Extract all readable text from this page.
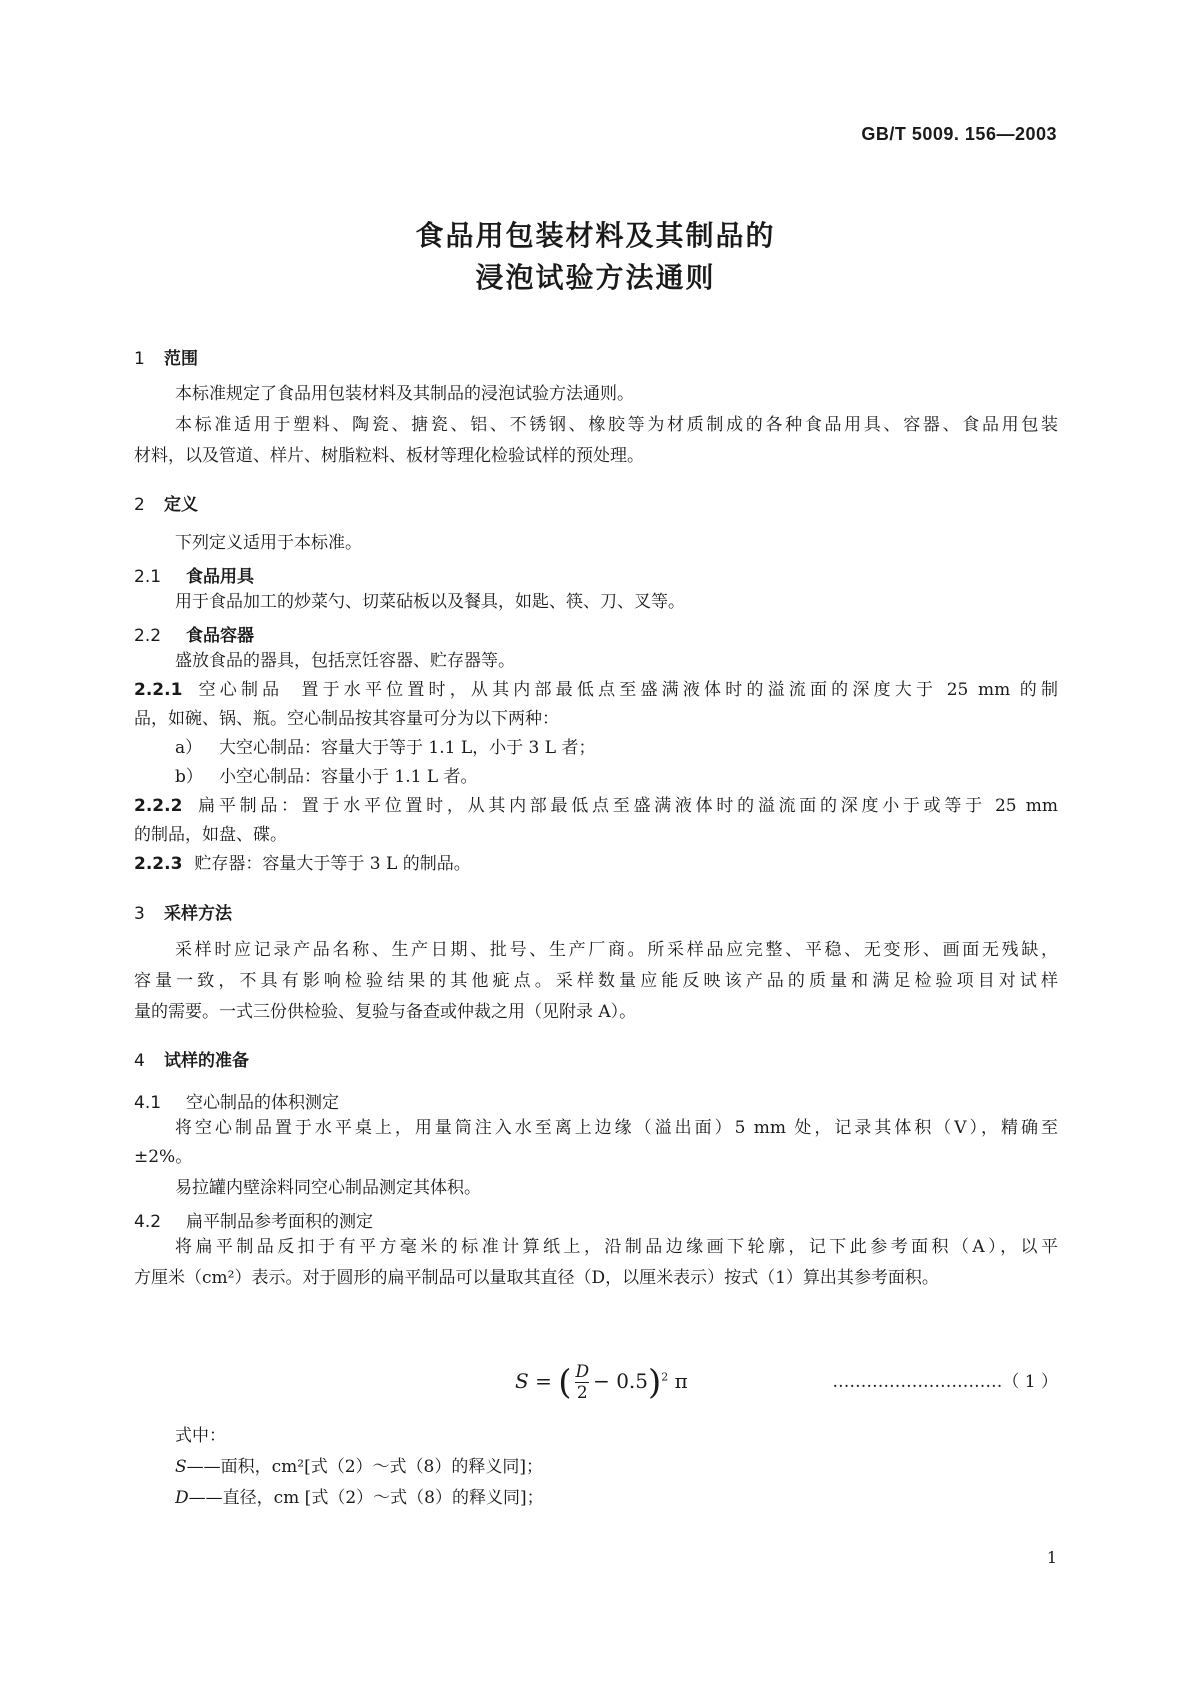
GB/T 5009. 156—2003
食品用包装材料及其制品的
浸泡试验方法通则
1 范围
本标准规定了食品用包装材料及其制品的浸泡试验方法通则。
本标准适用于塑料、陶瓷、搪瓷、铝、不锈钢、橡胶等为材质制成的各种食品用具、容器、食品用包装
材料，以及管道、样片、树脂粒料、板材等理化检验试样的预处理。
2 定义
下列定义适用于本标准。
2.1 食品用具
用于食品加工的炒菜勺、切菜砧板以及餐具，如匙、筷、刀、叉等。
2.2 食品容器
盛放食品的器具，包括烹饪容器、贮存器等。
2.2.1 空心制品 置于水平位置时，从其内部最低点至盛满液体时的溢流面的深度大于 25 mm 的制
品，如碗、锅、瓶。空心制品按其容量可分为以下两种：
a） 大空心制品：容量大于等于 1.1 L，小于 3 L 者；
b） 小空心制品：容量小于 1.1 L 者。
2.2.2 扁平制品：置于水平位置时，从其内部最低点至盛满液体时的溢流面的深度小于或等于 25 mm
的制品，如盘、碟。
2.2.3 贮存器：容量大于等于 3 L 的制品。
3 采样方法
采样时应记录产品名称、生产日期、批号、生产厂商。所采样品应完整、平稳、无变形、画面无残缺，
容量一致，不具有影响检验结果的其他疵点。采样数量应能反映该产品的质量和满足检验项目对试样
量的需要。一式三份供检验、复验与备查或仲裁之用（见附录 A）。
4 试样的准备
4.1 空心制品的体积测定
将空心制品置于水平桌上，用量筒注入水至离上边缘（溢出面）5 mm 处，记录其体积（V），精确至
±2%。
易拉罐内壁涂料同空心制品测定其体积。
4.2 扁平制品参考面积的测定
将扁平制品反扣于有平方毫米的标准计算纸上，沿制品边缘画下轮廓，记下此参考面积（A），以平
方厘米（cm²）表示。对于圆形的扁平制品可以量取其直径（D，以厘米表示）按式（1）算出其参考面积。
S = ( $\frac{D}{2} - 0.5)^2$ π	…………………………（ 1 ）
式中：
S——面积，cm²[式（2）～式（8）的释义同]；
D——直径，cm [式（2）～式（8）的释义同]；
1
